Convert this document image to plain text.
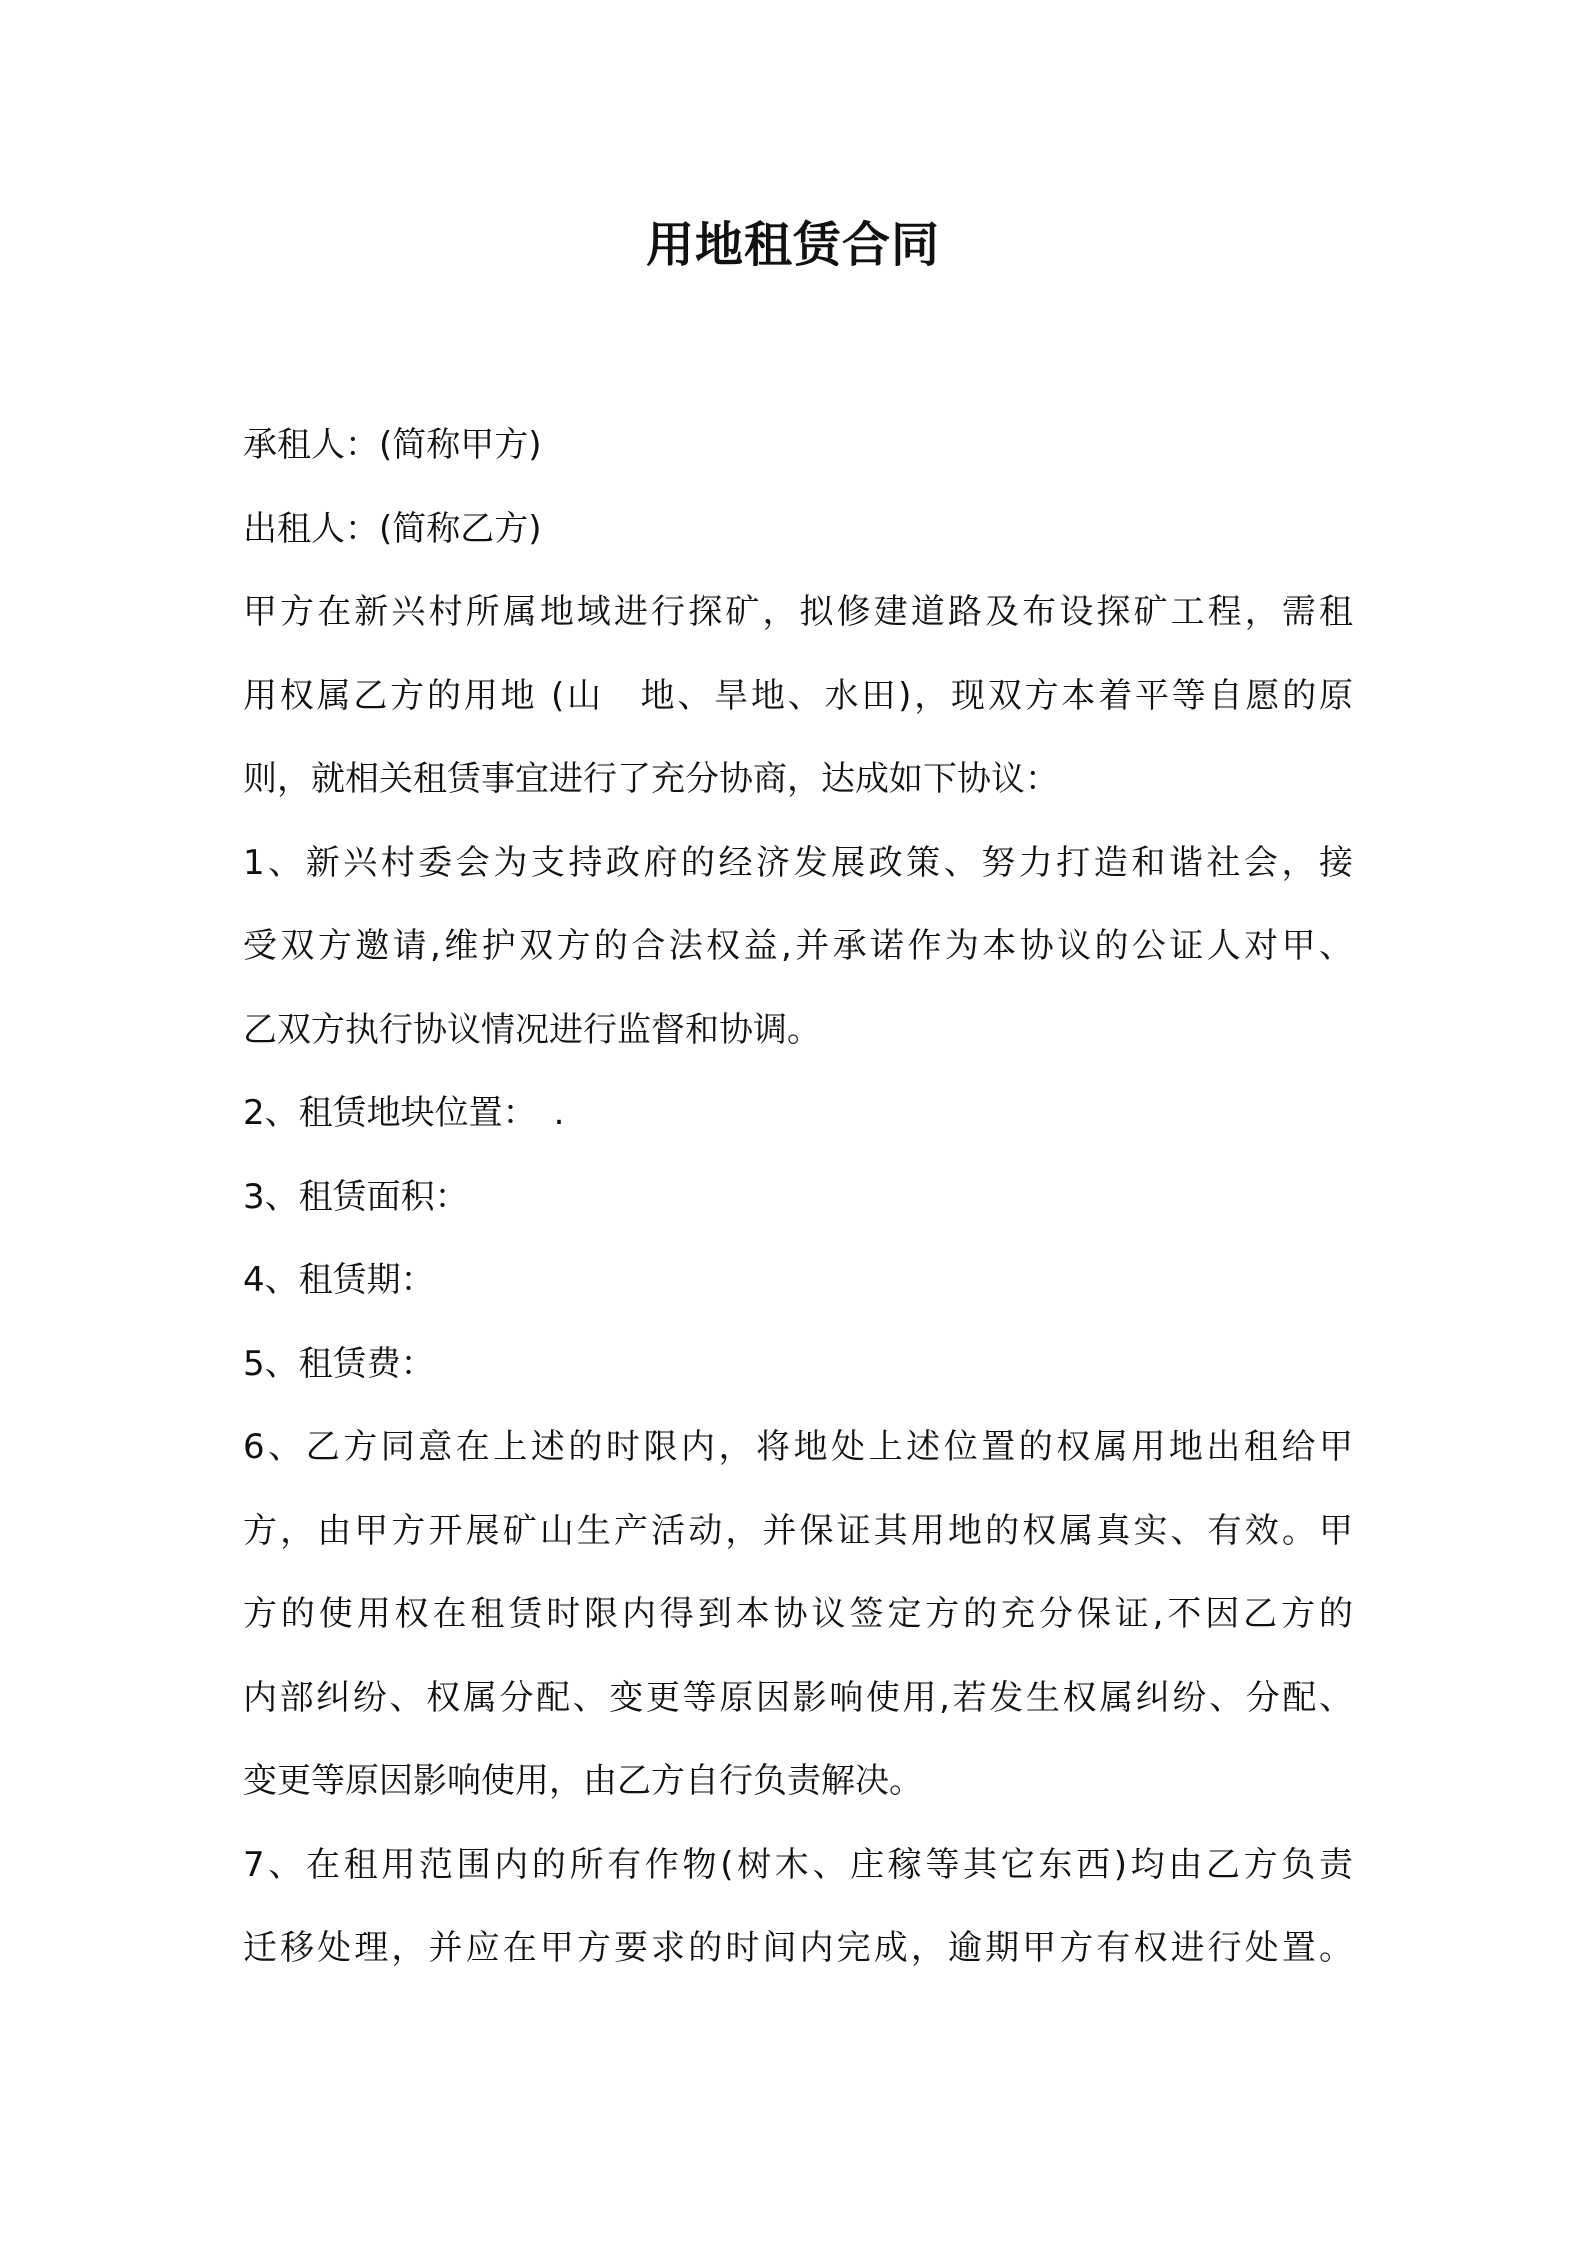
用地租赁合同
承租人：(简称甲方)
出租人：(简称乙方)
甲方在新兴村所属地域进行探矿，拟修建道路及布设探矿工程，需租
用权属乙方的用地 (山　地、旱地、水田)，现双方本着平等自愿的原
则，就相关租赁事宜进行了充分协商，达成如下协议：
1、新兴村委会为支持政府的经济发展政策、努力打造和谐社会，接
受双方邀请,维护双方的合法权益,并承诺作为本协议的公证人对甲、
乙双方执行协议情况进行监督和协调。
2、租赁地块位置：　.
3、租赁面积：
4、租赁期：
5、租赁费：
6、乙方同意在上述的时限内，将地处上述位置的权属用地出租给甲
方，由甲方开展矿山生产活动，并保证其用地的权属真实、有效。甲
方的使用权在租赁时限内得到本协议签定方的充分保证,不因乙方的
内部纠纷、权属分配、变更等原因影响使用,若发生权属纠纷、分配、
变更等原因影响使用，由乙方自行负责解决。
7、在租用范围内的所有作物(树木、庄稼等其它东西)均由乙方负责
迁移处理，并应在甲方要求的时间内完成，逾期甲方有权进行处置。
